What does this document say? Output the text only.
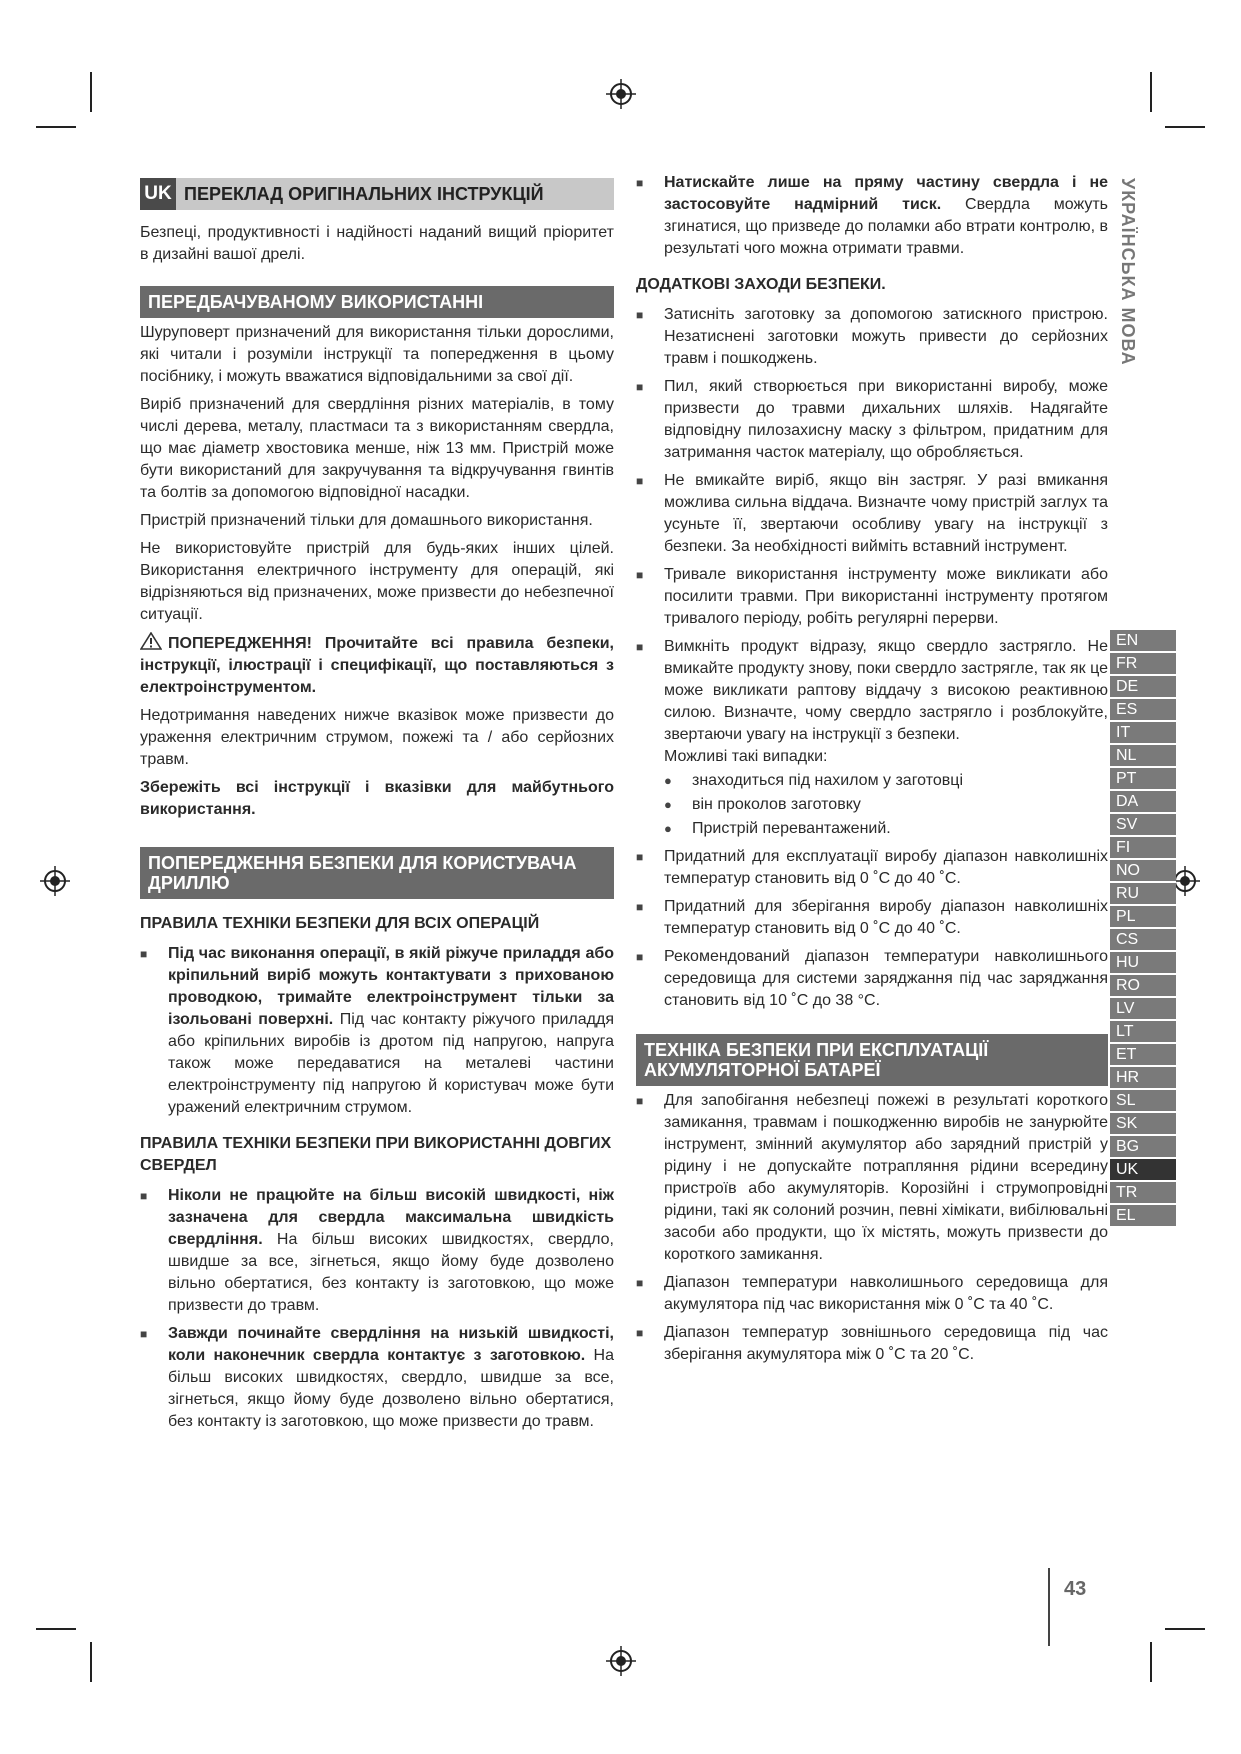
UK ПЕРЕКЛАД ОРИГІНАЛЬНИХ ІНСТРУКЦІЙ

Безпеці, продуктивності і надійності наданий вищий пріоритет в дизайні вашої дрелі.

ПЕРЕДБАЧУВАНОМУ ВИКОРИСТАННІ

Шуруповерт призначений для використання тільки дорослими, які читали і розуміли інструкції та попередження в цьому посібнику, і можуть вважатися відповідальними за свої дії.

Виріб призначений для свердління різних матеріалів, в тому числі дерева, металу, пластмаси та з використанням свердла, що має діаметр хвостовика менше, ніж 13 мм. Пристрій може бути використаний для закручування та відкручування гвинтів та болтів за допомогою відповідної насадки.

Пристрій призначений тільки для домашнього використання.

Не використовуйте пристрій для будь-яких інших цілей. Використання електричного інструменту для операцій, які відрізняються від призначених, може призвести до небезпечної ситуації.

ПОПЕРЕДЖЕННЯ! Прочитайте всі правила безпеки, інструкції, ілюстрації і специфікації, що поставляються з електроінструментом.

Недотримання наведених нижче вказівок може призвести до ураження електричним струмом, пожежі та / або серйозних травм.

Збережіть всі інструкції і вказівки для майбутнього використання.

ПОПЕРЕДЖЕННЯ БЕЗПЕКИ ДЛЯ КОРИСТУВАЧА ДРИЛЛЮ
ПРАВИЛА ТЕХНІКИ БЕЗПЕКИ ДЛЯ ВСІХ ОПЕРАЦІЙ
■ Під час виконання операції, в якій ріжуче приладдя або кріпильний виріб можуть контактувати з прихованою проводкою, тримайте електроінструмент тільки за ізольовані поверхні. Під час контакту ріжучого приладдя або кріпильних виробів із дротом під напругою, напруга також може передаватися на металеві частини електроінструменту під напругою й користувач може бути уражений електричним струмом.
ПРАВИЛА ТЕХНІКИ БЕЗПЕКИ ПРИ ВИКОРИСТАННІ ДОВГИХ СВЕРДЕЛ
■ Ніколи не працюйте на більш високій швидкості, ніж зазначена для свердла максимальна швидкість свердління. На більш високих швидкостях, свердло, швидше за все, зігнеться, якщо йому буде дозволено вільно обертатися, без контакту із заготовкою, що може призвести до травм.
■ Завжди починайте свердління на низькій швидкості, коли наконечник свердла контактує з заготовкою. На більш високих швидкостях, свердло, швидше за все, зігнеться, якщо йому буде дозволено вільно обертатися, без контакту із заготовкою, що може призвести до травм.
■ Натискайте лише на пряму частину свердла і не застосовуйте надмірний тиск. Свердла можуть згинатися, що призведе до поламки або втрати контролю, в результаті чого можна отримати травми.
ДОДАТКОВІ ЗАХОДИ БЕЗПЕКИ.
■ Затисніть заготовку за допомогою затискного пристрою. Незатиснені заготовки можуть привести до серйозних травм і пошкоджень.
■ Пил, який створюється при використанні виробу, може призвести до травми дихальних шляхів. Надягайте відповідну пилозахисну маску з фільтром, придатним для затримання часток матеріалу, що обробляється.
■ Не вмикайте виріб, якщо він застряг. У разі вмикання можлива сильна віддача. Визначте чому пристрій заглух та усуньте її, звертаючи особливу увагу на інструкції з безпеки. За необхідності вийміть вставний інструмент.
■ Тривале використання інструменту може викликати або посилити травми. При використанні інструменту протягом тривалого періоду, робіть регулярні перерви.
■ Вимкніть продукт відразу, якщо свердло застрягло. Не вмикайте продукту знову, поки свердло застрягле, так як це може викликати раптову віддачу з високою реактивною силою. Визначте, чому свердло застрягло і розблокуйте, звертаючи увагу на інструкції з безпеки.
Можливі такі випадки:
● знаходиться під нахилом у заготовці
● він проколов заготовку
● Пристрій перевантажений.
■ Придатний для експлуатації виробу діапазон навколишніх температур становить від 0 ˚C до 40 ˚C.
■ Придатний для зберігання виробу діапазон навколишніх температур становить від 0 ˚C до 40 ˚C.
■ Рекомендований діапазон температури навколишнього середовища для системи заряджання під час заряджання становить від 10 ˚C до 38 °C.
ТЕХНІКА БЕЗПЕКИ ПРИ ЕКСПЛУАТАЦІЇ АКУМУЛЯТОРНОЇ БАТАРЕЇ
■ Для запобігання небезпеці пожежі в результаті короткого замикання, травмам і пошкодженню виробів не занурюйте інструмент, змінний акумулятор або зарядний пристрій у рідину і не допускайте потрапляння рідини всередину пристроїв або акумуляторів. Корозійні і струмопровідні рідини, такі як солоний розчин, певні хімікати, вибілювальні засоби або продукти, що їх містять, можуть призвести до короткого замикання.
■ Діапазон температури навколишнього середовища для акумулятора під час використання між 0 ˚C та 40 ˚C.
■ Діапазон температур зовнішнього середовища під час зберігання акумулятора між 0 ˚C та 20 ˚C.
УКРАЇНСЬКА МОВА
EN
FR
DE
ES
IT
NL
PT
DA
SV
FI
NO
RU
PL
CS
HU
RO
LV
LT
ET
HR
SL
SK
BG
UK
TR
EL
43
